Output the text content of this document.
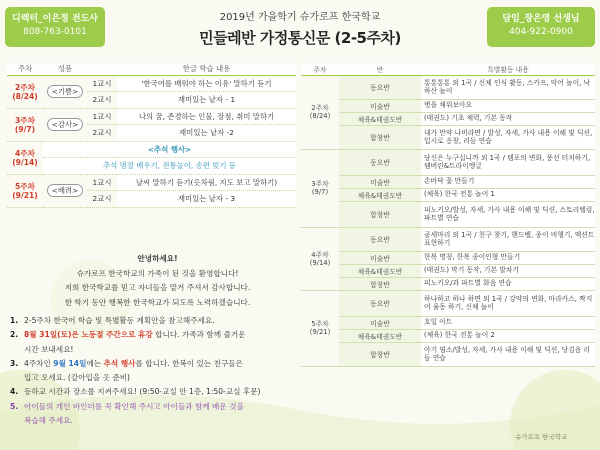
디렉터_이은정 전도사
808-763-0101
담임_장은영 선생님
404-922-0900
2019년 가을학기 슈가로프 한국학교
민들레반 가정통신문 (2-5주차)
주차	성품		한글 학습 내용

2주차
(8/24)	<기쁨>	1교시	'한국어를 배워야 하는 이유' 말하기 듣기
		2교시	재미있는 낱자 - 1

3주차
(9/7)	<감사>	1교시	나의 꿈, 존경하는 인물, 장점, 취미 말하기
		2교시	재미있는 낱자 -2

4주차
(9/14)	<추석 행사>		
	추석 명절 배우기, 전통놀이, 송편 빚기 등		

5주차
(9/21)	<배려>	1교시	날씨 말하기 듣기(옷차림, 지도 보고 말하기)
		2교시	재미있는 낱자 - 3
주차	반	특별활동 내용

2주차
(8/24)	동요반	통통통통 외 1곡 / 신체 인식 활동, 스카프, 악어 놀이, 낙하산 놀이
	미술반	병을 채워보아요
	체육&태권도반	(태권도) 기초 체력, 기본 동작
	합창반	내가 만약 나비라면 / 발성, 자세, 가사 내용 이해 및 딕션, 입시로 응창, 리듬 연습

3주차
(9/7)	동요반	당신은 누구십니까 외 1곡 / 템포의 변화, 풍선 터치하기, 탬버린&트라이앵글
	미술반	손바닥 꽃 만들기
	체육&태권도반	(체육) 한국 전통 놀이 1
	합창반	피노키오/발성, 자세, 가사 내용 이해 및 딕션, 스토리텔링, 파트별 연습

4주차
(9/14)	동요반	곰세마리 외 1곡 / 친구 찾기, 핸드벨, 종이 비행기, 액션트 표현하기
	미술반	한복 명칭, 한복 종이인형 만들기
	체육&태권도반	(태권도) 막기 동작, 기본 발차기
	합창반	피노키오/과 파트별 화음 연습

5주차
(9/21)	동요반	하나하고 하나 하면 외 1곡 / 강약의 변화, 마라카스, 짝지어 율동 하기, 신체 놀이
	미술반	호일 아트
	체육&태권도반	(체육) 한국 전통 놀이 2
	합창반	아기 염소/발성, 자세, 가사 내용 이해 및 딕션, 당김음 리듬 연습
안녕하세요!
슈가로프 한국학교의 가족이 된 것을 환영합니다!
저희 한국학교를 믿고 자녀들을 맡겨 주셔서 감사합니다.
한 학기 동안 행복한 한국학교가 되도록 노력하겠습니다.
1. 2-5주차 한국어 학습 및 특별활동 계획안을 참고해주세요.
2. 8월 31일(토)은 노동절 주간으로 휴강 합니다. 가족과 함께 즐거운
시간 보내세요!
3. 4주차인 9월 14일에는 추석 행사를 합니다. 한복이 있는 친구들은
입고 오세요. (갈아입을 옷 준비)
4. 등하교 시간과 장소를 지켜주세요! (9:50-교실 안 1층, 1:50-교실 후문)
5. 아이들의 개인 바인더를 꼭 확인해 주시고 아이들과 함께 배운 것을
복습해 주세요.
슈가로프 한국학교
